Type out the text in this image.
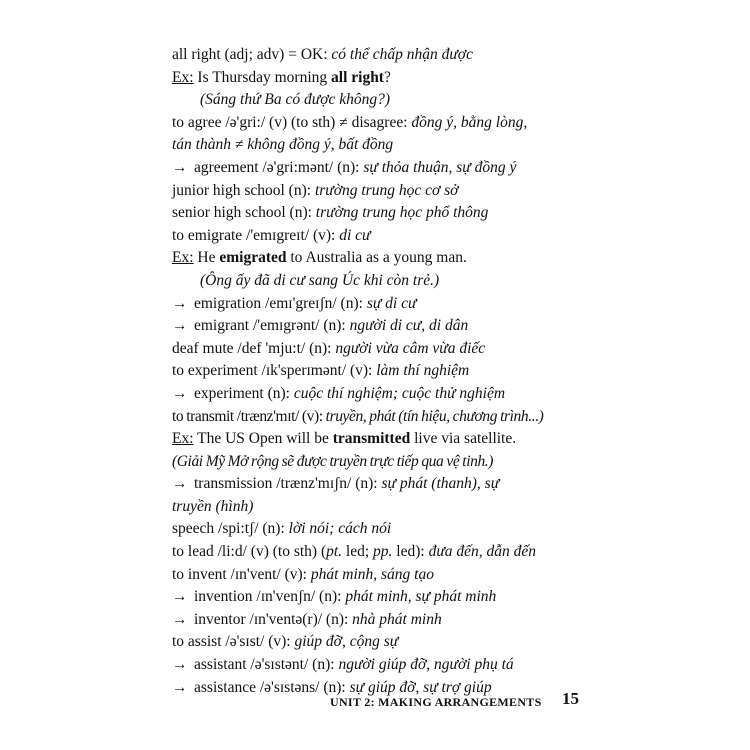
all right (adj; adv) = OK: có thể chấp nhận được
Ex: Is Thursday morning all right?
(Sáng thứ Ba có được không?)
to agree /ə'gri:/ (v) (to sth) ≠ disagree: đồng ý, bằng lòng,
tán thành ≠ không đồng ý, bất đồng
→ agreement /ə'gri:mənt/ (n): sự thỏa thuận, sự đồng ý
junior high school (n): trường trung học cơ sở
senior high school (n): trường trung học phổ thông
to emigrate /'emɪgreɪt/ (v): di cư
Ex: He emigrated to Australia as a young man.
(Ông ấy đã di cư sang Úc khi còn trẻ.)
→ emigration /emɪ'greɪʃn/ (n): sự di cư
→ emigrant /'emɪgrənt/ (n): người di cư, di dân
deaf mute /def 'mju:t/ (n): người vừa câm vừa điếc
to experiment /ɪk'sperɪmənt/ (v): làm thí nghiệm
→ experiment (n): cuộc thí nghiệm; cuộc thử nghiệm
to transmit /trænz'mɪt/ (v): truyền, phát (tín hiệu, chương trình...)
Ex: The US Open will be transmitted live via satellite.
(Giải Mỹ Mở rộng sẽ được truyền trực tiếp qua vệ tinh.)
→ transmission /trænz'mɪʃn/ (n): sự phát (thanh), sự
truyền (hình)
speech /spi:tʃ/ (n): lời nói; cách nói
to lead /li:d/ (v) (to sth) (pt. led; pp. led): đưa đến, dẫn đến
to invent /ɪn'vent/ (v): phát minh, sáng tạo
→ invention /ɪn'venʃn/ (n): phát minh, sự phát minh
→ inventor /ɪn'ventə(r)/ (n): nhà phát minh
to assist /ə'sɪst/ (v): giúp đỡ, cộng sự
→ assistant /ə'sɪstənt/ (n): người giúp đỡ, người phụ tá
→ assistance /ə'sɪstəns/ (n): sự giúp đỡ, sự trợ giúp
UNIT 2: MAKING ARRANGEMENTS 15
